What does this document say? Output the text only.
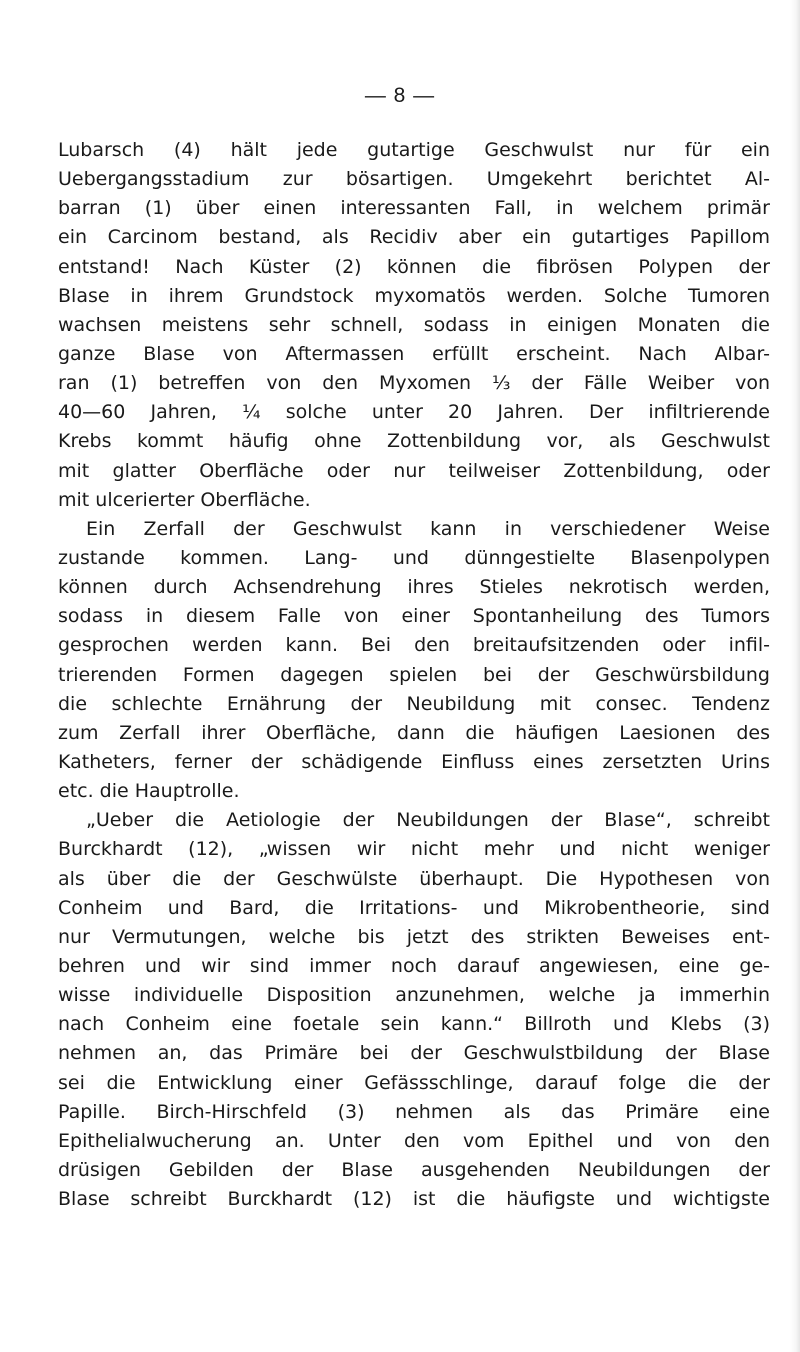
— 8 —
Lubarsch (4) hält jede gutartige Geschwulst nur für ein
Uebergangsstadium zur bösartigen. Umgekehrt berichtet Al-
barran (1) über einen interessanten Fall, in welchem primär
ein Carcinom bestand, als Recidiv aber ein gutartiges Papillom
entstand! Nach Küster (2) können die fibrösen Polypen der
Blase in ihrem Grundstock myxomatös werden. Solche Tumoren
wachsen meistens sehr schnell, sodass in einigen Monaten die
ganze Blase von Aftermassen erfüllt erscheint. Nach Albar-
ran (1) betreffen von den Myxomen ⅓ der Fälle Weiber von
40—60 Jahren, ¼ solche unter 20 Jahren. Der infiltrierende
Krebs kommt häufig ohne Zottenbildung vor, als Geschwulst
mit glatter Oberfläche oder nur teilweiser Zottenbildung, oder
mit ulcerierter Oberfläche.
Ein Zerfall der Geschwulst kann in verschiedener Weise
zustande kommen. Lang- und dünngestielte Blasenpolypen
können durch Achsendrehung ihres Stieles nekrotisch werden,
sodass in diesem Falle von einer Spontanheilung des Tumors
gesprochen werden kann. Bei den breitaufsitzenden oder infil-
trierenden Formen dagegen spielen bei der Geschwürsbildung
die schlechte Ernährung der Neubildung mit consec. Tendenz
zum Zerfall ihrer Oberfläche, dann die häufigen Laesionen des
Katheters, ferner der schädigende Einfluss eines zersetzten Urins
etc. die Hauptrolle.
„Ueber die Aetiologie der Neubildungen der Blase“, schreibt
Burckhardt (12), „wissen wir nicht mehr und nicht weniger
als über die der Geschwülste überhaupt. Die Hypothesen von
Conheim und Bard, die Irritations- und Mikrobentheorie, sind
nur Vermutungen, welche bis jetzt des strikten Beweises ent-
behren und wir sind immer noch darauf angewiesen, eine ge-
wisse individuelle Disposition anzunehmen, welche ja immerhin
nach Conheim eine foetale sein kann.“ Billroth und Klebs (3)
nehmen an, das Primäre bei der Geschwulstbildung der Blase
sei die Entwicklung einer Gefässschlinge, darauf folge die der
Papille. Birch-Hirschfeld (3) nehmen als das Primäre eine
Epithelialwucherung an. Unter den vom Epithel und von den
drüsigen Gebilden der Blase ausgehenden Neubildungen der
Blase schreibt Burckhardt (12) ist die häufigste und wichtigste
